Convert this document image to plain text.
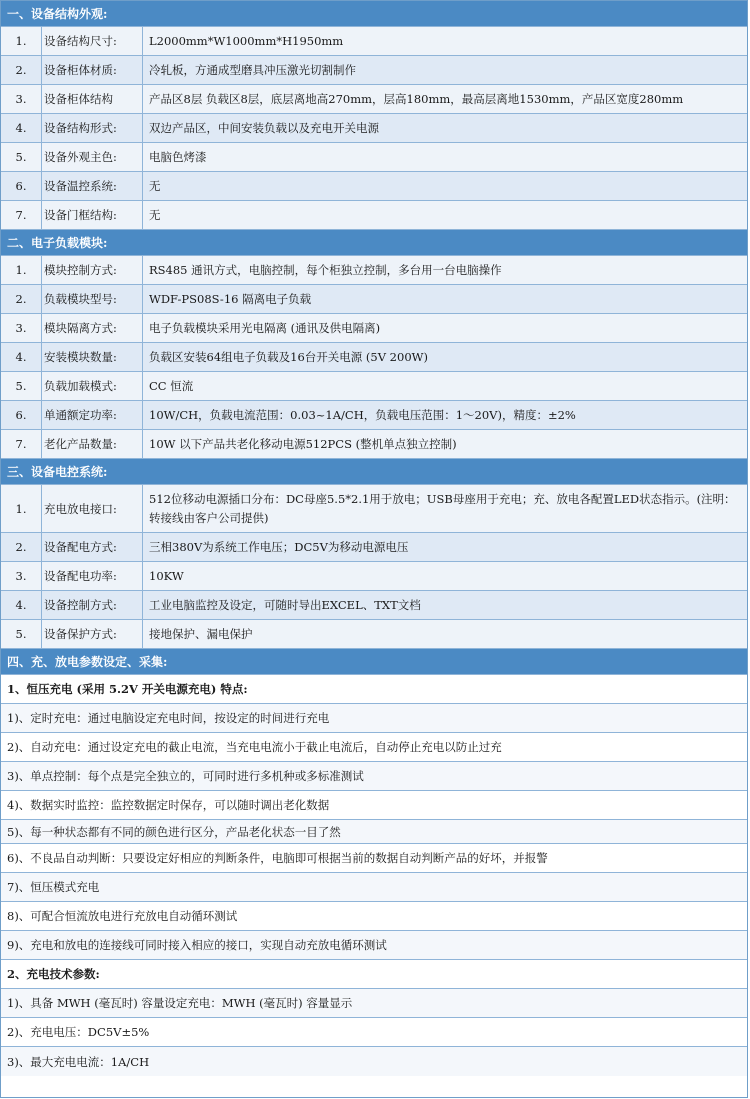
一、设备结构外观:
1.	设备结构尺寸:	L2000mm*W1000mm*H1950mm
2.	设备柜体材质:	冷轧板，方通成型磨具冲压激光切割制作
3.	设备柜体结构	产品区8层 负载区8层，底层离地高270mm，层高180mm，最高层离地1530mm，产品区宽度280mm
4.	设备结构形式:	双边产品区，中间安装负载以及充电开关电源
5.	设备外观主色:	电脑色烤漆
6.	设备温控系统:	无
7.	设备门框结构:	无
二、电子负载模块:
1.	模块控制方式:	RS485 通讯方式，电脑控制，每个柜独立控制，多台用一台电脑操作
2.	负载模块型号:	WDF-PS08S-16 隔离电子负载
3.	模块隔离方式:	电子负载模块采用光电隔离 (通讯及供电隔离)
4.	安装模块数量:	负载区安装64组电子负载及16台开关电源 (5V 200W)
5.	负载加载模式:	CC 恒流
6.	单通额定功率:	10W/CH，负载电流范围：0.03~1A/CH，负载电压范围：1～20V)，精度：±2%
7.	老化产品数量:	10W 以下产品共老化移动电源512PCS (整机单点独立控制)
三、设备电控系统:
1.	充电放电接口:
512位移动电源插口分布：DC母座5.5*2.1用于放电；USB母座用于充电；充、放电各配置LED状态指示。(注明：转接线由客户公司提供)
2.	设备配电方式:	三相380V为系统工作电压；DC5V为移动电源电压
3.	设备配电功率:	10KW
4.	设备控制方式:	工业电脑监控及设定，可随时导出EXCEL、TXT文档
5.	设备保护方式:	接地保护、漏电保护
四、充、放电参数设定、采集:
1、恒压充电 (采用 5.2V 开关电源充电) 特点:
1)、定时充电：通过电脑设定充电时间，按设定的时间进行充电
2)、自动充电：通过设定充电的截止电流，当充电电流小于截止电流后，自动停止充电以防止过充
3)、单点控制：每个点是完全独立的，可同时进行多机种或多标准测试
4)、数据实时监控：监控数据定时保存，可以随时调出老化数据
5)、每一种状态都有不同的颜色进行区分，产品老化状态一目了然
6)、不良品自动判断：只要设定好相应的判断条件，电脑即可根据当前的数据自动判断产品的好坏，并报警
7)、恒压模式充电
8)、可配合恒流放电进行充放电自动循环测试
9)、充电和放电的连接线可同时接入相应的接口，实现自动充放电循环测试
2、充电技术参数:
1)、具备 MWH (毫瓦时) 容量设定充电：MWH (毫瓦时) 容量显示
2)、充电电压：DC5V±5%
3)、最大充电电流：1A/CH
